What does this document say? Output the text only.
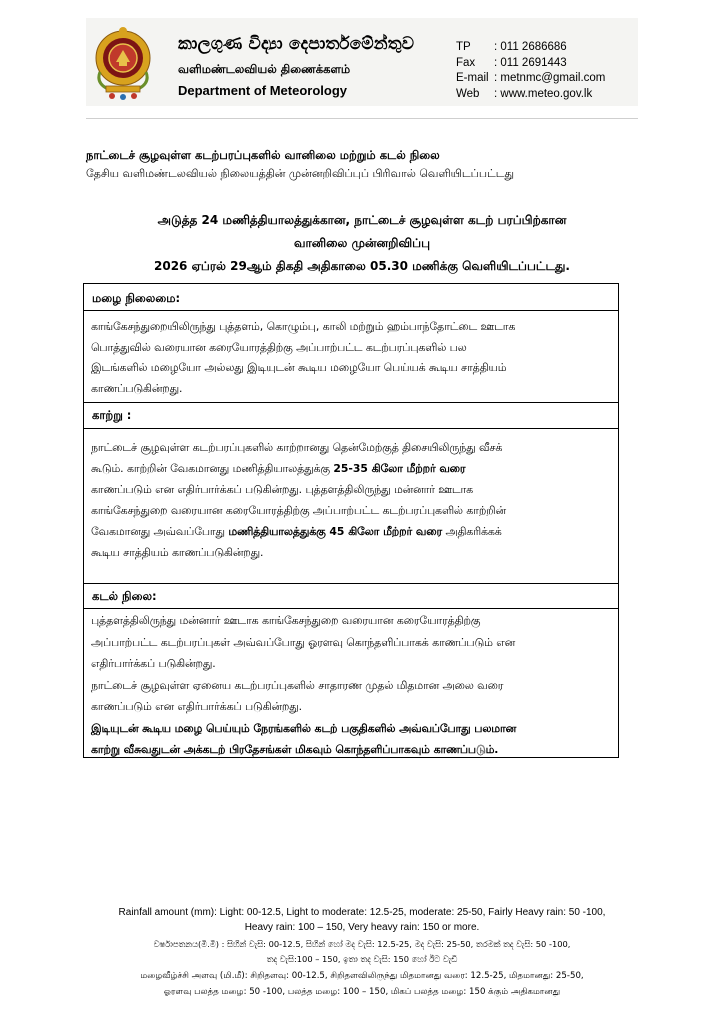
කාලගුණ විද්‍යා දෙපාර්තමේන්තුව
வளிமண்டலவியல் திணைக்களம்
Department of Meteorology
TP	: 011 2686686
Fax	: 011 2691443
E-mail : metnmc@gmail.com
Web	: www.meteo.gov.lk
நாட்டைச் சூழவுள்ள கடற்பரப்புகளில் வானிலை மற்றும் கடல் நிலை
தேசிய வளிமண்டலவியல் நிலையத்தின் முன்னறிவிப்புப் பிரிவால் வெளியிடப்பட்டது
அடுத்த 24 மணித்தியாலத்துக்கான, நாட்டைச் சூழவுள்ள கடற் பரப்பிற்கான
வானிலை முன்னறிவிப்பு
2026 ஏப்ரல் 29ஆம் திகதி அதிகாலை 05.30 மணிக்கு வெளியிடப்பட்டது.
மழை நிலைமை:
காங்கேசந்துறையிலிருந்து புத்தளம், கொழும்பு, காலி மற்றும் ஹம்பாந்தோட்டை ஊடாக
பொத்துவில் வரையான கரையோரத்திற்கு அப்பாற்பட்ட கடற்பரப்புகளில் பல
இடங்களில் மழையோ அல்லது இடியுடன் கூடிய மழையோ பெய்யக் கூடிய சாத்தியம்
காணப்படுகின்றது.
காற்று :
நாட்டைச் சூழவுள்ள கடற்பரப்புகளில் காற்றானது தென்மேற்குத் திசையிலிருந்து வீசக்
கூடும். காற்றின் வேகமானது மணித்தியாலத்துக்கு 25-35 கிலோ மீற்றர் வரை
காணப்படும் என எதிர்பார்க்கப் படுகின்றது. புத்தளத்திலிருந்து மன்னார் ஊடாக
காங்கேசந்துறை வரையான கரையோரத்திற்கு அப்பாற்பட்ட கடற்பரப்புகளில் காற்றின்
வேகமானது அவ்வப்போது மணித்தியாலத்துக்கு 45 கிலோ மீற்றர் வரை அதிகரிக்கக்
கூடிய சாத்தியம் காணப்படுகின்றது.
கடல் நிலை:
புத்தளத்திலிருந்து மன்னார் ஊடாக காங்கேசந்துறை வரையான கரையோரத்திற்கு
அப்பாற்பட்ட கடற்பரப்புகள் அவ்வப்போது ஓரளவு கொந்தளிப்பாகக் காணப்படும் என
எதிர்பார்க்கப் படுகின்றது.
நாட்டைச் சூழவுள்ள ஏனைய கடற்பரப்புகளில் சாதாரண முதல் மிதமான அலை வரை
காணப்படும் என எதிர்பார்க்கப் படுகின்றது.
இடியுடன் கூடிய மழை பெய்யும் நேரங்களில் கடற் பகுதிகளில் அவ்வப்போது பலமான
காற்று வீசுவதுடன் அக்கடற் பிரதேசங்கள் மிகவும் கொந்தளிப்பாகவும் காணப்படும்.
Rainfall amount (mm): Light: 00-12.5, Light to moderate: 12.5-25, moderate: 25-50, Fairly Heavy rain: 50 -100,
Heavy rain: 100 – 150, Very heavy rain: 150 or more.
වර්ෂාපතනය(මි.මී) : සිහින් වැසි: 00-12.5, සිහින් හෝ මද වැසි: 12.5-25, මද වැසි: 25-50, තරමක් තද වැසි: 50 -100,
තද වැසි:100 – 150, ඉතා තද වැසි: 150 හෝ ඊට වැඩි
மழைவீழ்ச்சி அளவு (மி.மீ): சிறிதளவு: 00-12.5, சிறிதளவிலிருந்து மிதமானது வரை: 12.5-25, மிதமானது: 25-50,
ஓரளவு பலத்த மழை: 50 -100, பலத்த மழை: 100 – 150, மிகப் பலத்த மழை: 150 க்கும் அதிகமானது
